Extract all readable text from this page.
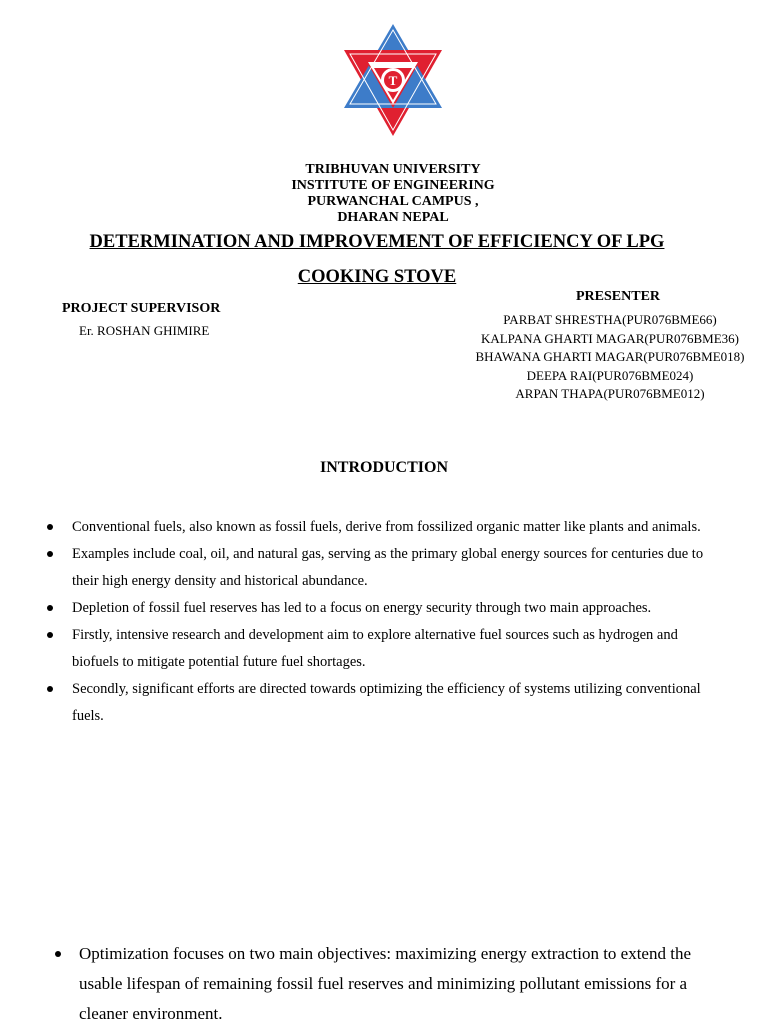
T
TRIBHUVAN UNIVERSITY
INSTITUTE OF ENGINEERING
PURWANCHAL CAMPUS ,
DHARAN NEPAL
DETERMINATION AND IMPROVEMENT OF EFFICIENCY OF LPG
COOKING STOVE
PROJECT SUPERVISOR
Er. ROSHAN GHIMIRE
PRESENTER
PARBAT SHRESTHA(PUR076BME66)
KALPANA GHARTI MAGAR(PUR076BME36)
BHAWANA GHARTI MAGAR(PUR076BME018)
DEEPA RAI(PUR076BME024)
ARPAN THAPA(PUR076BME012)
INTRODUCTION
Conventional fuels, also known as fossil fuels, derive from fossilized organic matter like plants and animals.
Examples include coal, oil, and natural gas, serving as the primary global energy sources for centuries due to their high energy density and historical abundance.
Depletion of fossil fuel reserves has led to a focus on energy security through two main approaches.
Firstly, intensive research and development aim to explore alternative fuel sources such as hydrogen and biofuels to mitigate potential future fuel shortages.
Secondly, significant efforts are directed towards optimizing the efficiency of systems utilizing conventional fuels.
Optimization focuses on two main objectives: maximizing energy extraction to extend the usable lifespan of remaining fossil fuel reserves and minimizing pollutant emissions for a cleaner environment.
